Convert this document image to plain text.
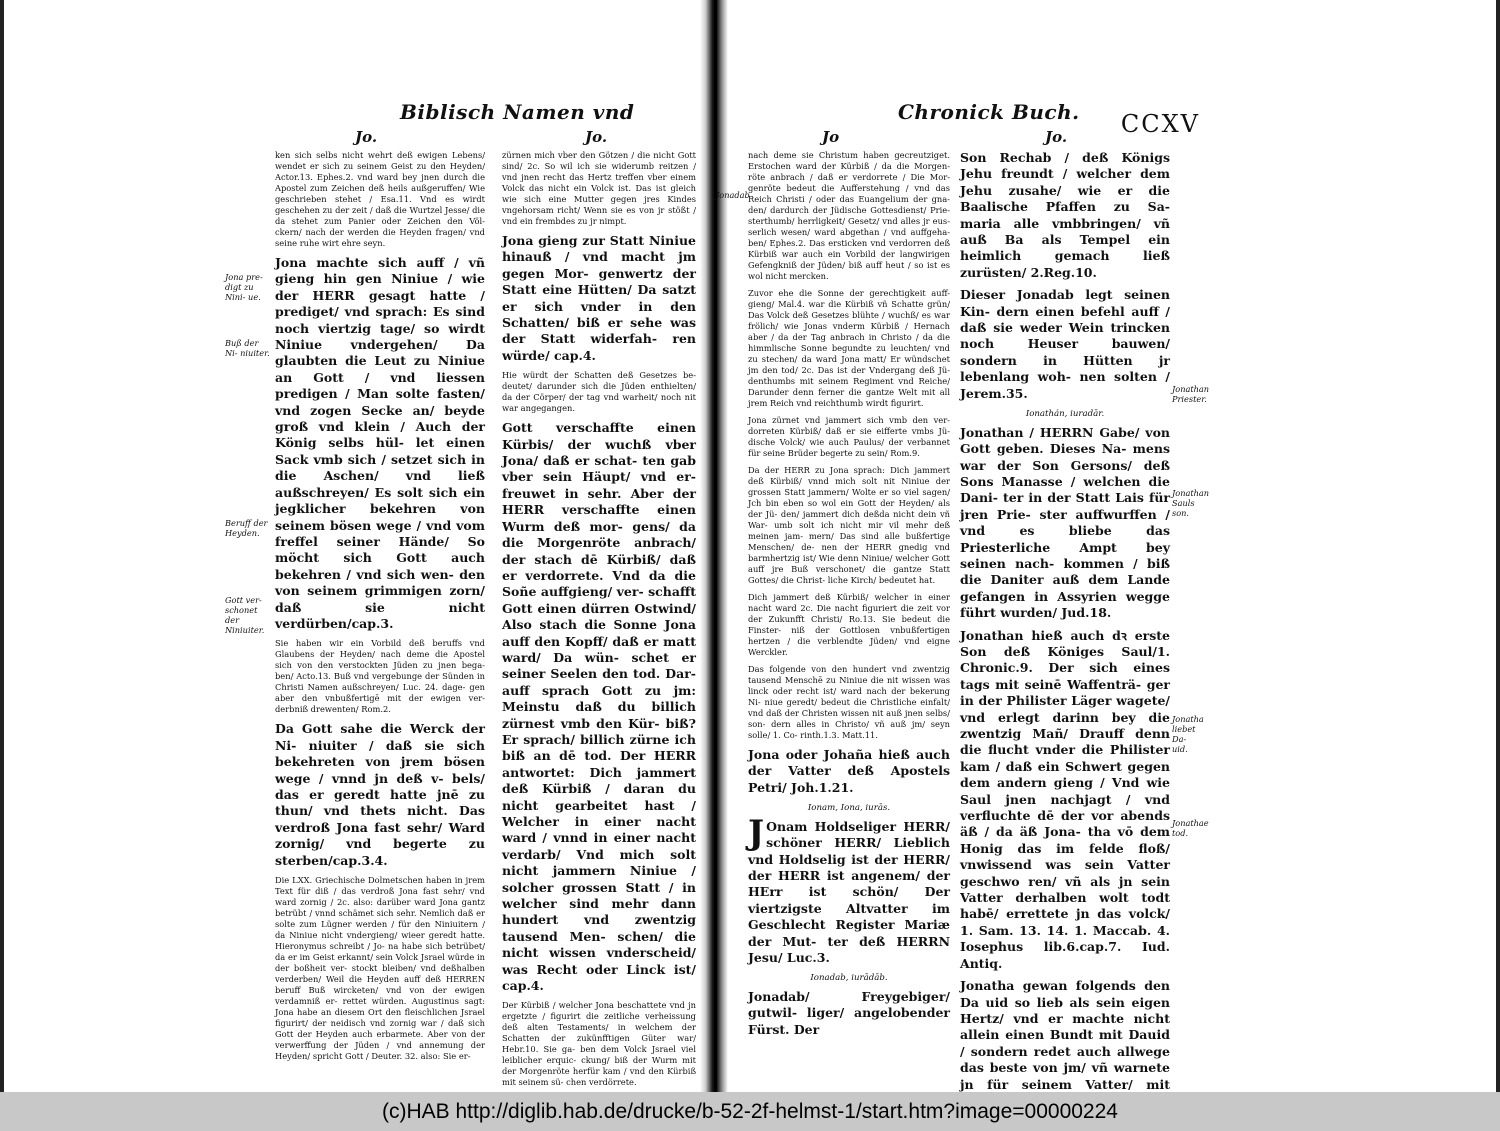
Biblisch Namen vnd
Jo.	Jo.
Jona pre- digt zu Nini- ue.
Buß der Ni- niuiter.
Beruff der Heyden.
Gott ver- schonet der Niniuiter.

ken sich selbs nicht wehrt deß ewigen Lebens/ wendet er sich zu seinem Geist zu den Heyden/ Actor.13. Ephes.2. vnd ward bey jnen durch die Apostel zum Zeichen deß heils außgeruffen/ Wie geschrieben stehet / Esa.11. Vnd es wirdt geschehen zu der zeit / daß die Wurtzel Jesse/ die da stehet zum Panier oder Zeichen den Völ- ckern/ nach der werden die Heyden fragen/ vnd seine ruhe wirt ehre seyn.

Jona machte sich auff / vñ gieng hin gen Niniue / wie der HERR gesagt hatte / prediget/ vnd sprach: Es sind noch viertzig tage/ so wirdt Niniue vndergehen/ Da glaubten die Leut zu Niniue an Gott / vnd liessen predigen / Man solte fasten/ vnd zogen Secke an/ beyde groß vnd klein / Auch der König selbs hül- let einen Sack vmb sich / setzet sich in die Aschen/ vnd ließ außschreyen/ Es solt sich ein jegklicher bekehren von seinem bösen wege / vnd vom freffel seiner Hände/ So möcht sich Gott auch bekehren / vnd sich wen- den von seinem grimmigen zorn/ daß sie nicht verdürben/cap.3.

Sie haben wir ein Vorbild deß beruffs vnd Glaubens der Heyden/ nach deme die Apostel sich von den verstockten Jüden zu jnen bega- ben/ Acto.13. Buß vnd vergebunge der Sünden in Christi Namen außschreyen/ Luc. 24. dage- gen aber den vnbußfertigē mit der ewigen ver- derbniß drewenten/ Rom.2.

Da Gott sahe die Werck der Ni- niuiter / daß sie sich bekehreten von jrem bösen wege / vnnd jn deß v- bels/ das er geredt hatte jnē zu thun/ vnd thets nicht. Das verdroß Jona fast sehr/ Ward zornig/ vnd begerte zu sterben/cap.3.4.

Die LXX. Griechische Dolmetschen haben in jrem Text für diß / das verdroß Jona fast sehr/ vnd ward zornig / 2c. also: darüber ward Jona gantz betrübt / vnnd schämet sich sehr. Nemlich daß er solte zum Lügner werden / für den Niniuitern / da Niniue nicht vndergieng/ wieer geredt hatte. Hieronymus schreibt / Jo- na habe sich betrübet/ da er im Geist erkannt/ sein Volck Jsrael würde in der boßheit ver- stockt bleiben/ vnd deßhalben verderben/ Weil die Heyden auff deß HERREN beruff Buß wircketen/ vnd von der ewigen verdamniß er- rettet würden. Augustinus sagt: Jona habe an diesem Ort den fleischlichen Jsrael figurirt/ der neidisch vnd zornig war / daß sich Gott der Heyden auch erbarmete. Aber von der verwerffung der Jüden / vnd annemung der Heyden/ spricht Gott / Deuter. 32. also: Sie er-

zürnen mich vber den Götzen / die nicht Gott sind/ 2c. So wil ich sie widerumb reitzen / vnd jnen recht das Hertz treffen vber einem Volck das nicht ein Volck ist. Das ist gleich wie sich eine Mutter gegen jres Kindes vngehorsam richt/ Wenn sie es von jr stößt / vnd ein frembdes zu jr nimpt.

Jona gieng zur Statt Niniue hinauß / vnd macht jm gegen Mor- genwertz der Statt eine Hütten/ Da satzt er sich vnder in den Schatten/ biß er sehe was der Statt widerfah- ren würde/ cap.4.

Hie würdt der Schatten deß Gesetzes be- deutet/ darunder sich die Jüden enthielten/ da der Cörper/ der tag vnd warheit/ noch nit war angegangen.

Gott verschaffte einen Kürbis/ der wuchß vber Jona/ daß er schat- ten gab vber sein Häupt/ vnd er- freuwet in sehr. Aber der HERR verschaffte einen Wurm deß mor- gens/ da die Morgenröte anbrach/ der stach dē Kürbiß/ daß er verdorrete. Vnd da die Soñe auffgieng/ ver- schafft Gott einen dürren Ostwind/ Also stach die Sonne Jona auff den Kopff/ daß er matt ward/ Da wün- schet er seiner Seelen den tod. Dar- auff sprach Gott zu jm: Meinstu daß du billich zürnest vmb den Kür- biß? Er sprach/ billich zürne ich biß an dē tod. Der HERR antwortet: Dich jammert deß Kürbiß / daran du nicht gearbeitet hast / Welcher in einer nacht ward / vnnd in einer nacht verdarb/ Vnd mich solt nicht jammern Niniue / solcher grossen Statt / in welcher sind mehr dann hundert vnd zwentzig tausend Men- schen/ die nicht wissen vnderscheid/ was Recht oder Linck ist/ cap.4.

Der Kürbiß / welcher Jona beschattete vnd jn ergetzte / figurirt die zeitliche verheissung deß alten Testaments/ in welchem der Schatten der zukünfftigen Güter war/ Hebr.10. Sie ga- ben dem Volck Jsrael viel leiblicher erquic- ckung/ biß der Wurm mit der Morgenröte herfür kam / vnd den Kürbiß mit seinem sü- chen verdörrete.

Chronick Buch. CCXV
Jo	Jo.

nach deme sie Christum haben gecreutziget. Erstochen ward der Kürbiß / da die Morgen- röte anbrach / daß er verdorrete / Die Mor- genröte bedeut die Aufferstehung / vnd das Reich Christi / oder das Euangelium der gna- den/ dardurch der Jüdische Gottesdienst/ Prie- sterthumb/ herrligkeit/ Gesetz/ vnd alles jr eus- serlich wesen/ ward abgethan / vnd auffgeha- ben/ Ephes.2. Das ersticken vnd verdorren deß Kürbiß war auch ein Vorbild der langwirigen Gefengkniß der Jüden/ biß auff heut / so ist es wol nicht mercken.

Zuvor ehe die Sonne der gerechtigkeit auff- gieng/ Mal.4. war die Kürbiß vñ Schatte grün/ Das Volck deß Gesetzes blühte / wuchß/ es war frölich/ wie Jonas vnderm Kürbiß / Hernach aber / da der Tag anbrach in Christo / da die himmlische Sonne begundte zu leuchten/ vnd zu stechen/ da ward Jona matt/ Er wündschet jm den tod/ 2c. Das ist der Vndergang deß Jü- denthumbs mit seinem Regiment vnd Reiche/ Darunder denn ferner die gantze Welt mit all jrem Reich vnd reichthumb wirdt figurirt.

Jona zürnet vnd jammert sich vmb den ver- dorreten Kürbiß/ daß er sie eifferte vmbs Jü- dische Volck/ wie auch Paulus/ der verbannet für seine Brüder begerte zu sein/ Rom.9.

Da der HERR zu Jona sprach: Dich jammert deß Kürbiß/ vnnd mich solt nit Niniue der grossen Statt jammern/ Wolte er so viel sagen/ Jch bin eben so wol ein Gott der Heyden/ als der Jü- den/ jammert dich deßda nicht dein vñ War- umb solt ich nicht mir vil mehr deß meinen jam- mern/ Das sind alle bußfertige Menschen/ de- nen der HERR gnedig vnd barmhertzig ist/ Wie denn Niniue/ welcher Gott auff jre Buß verschonet/ die gantze Statt Gottes/ die Christ- liche Kirch/ bedeutet hat.

Dich jammert deß Kürbiß/ welcher in einer nacht ward 2c. Die nacht figuriert die zeit vor der Zukunfft Christi/ Ro.13. Sie bedeut die Finster- niß der Gottlosen vnbußfertigen hertzen / die verblendte Jüden/ vnd eigne Werckler.

Das folgende von den hundert vnd zwentzig tausend Menschē zu Niniue die nit wissen was linck oder recht ist/ ward nach der bekerung Ni- niue geredt/ bedeut die Christliche einfalt/ vnd daß der Christen wissen nit auß jnen selbs/ son- dern alles in Christo/ vñ auß jm/ seyn solle/ 1. Co- rinth.1.3. Matt.11.

Jona oder Johaña hieß auch der Vatter deß Apostels Petri/ Joh.1.21.

Ionam, Iona, iurās.

J Onam Holdseliger HERR/ schöner HERR/ Lieblich vnd Holdselig ist der HERR/ der HERR ist angenem/ der HErr ist schön/ Der viertzigste Altvatter im Geschlecht Register Mariæ der Mut- ter deß HERRN Jesu/ Luc.3.

Ionadab, iurādāb.

Jonadab/ Freygebiger/ gutwil- liger/ angelobender Fürst. Der

Son Rechab / deß Königs Jehu freundt / welcher dem Jehu zusahe/ wie er die Baalische Pfaffen zu Sa- maria alle vmbbringen/ vñ auß Ba als Tempel ein heimlich gemach ließ zurüsten/ 2.Reg.10.

Dieser Jonadab legt seinen Kin- dern einen befehl auff / daß sie weder Wein trincken noch Heuser bauwen/ sondern in Hütten jr lebenlang woh- nen solten / Jerem.35.

Ionathán, iuradār.

Jonathan / HERRN Gabe/ von Gott geben. Dieses Na- mens war der Son Gersons/ deß Sons Manasse / welchen die Dani- ter in der Statt Lais für jren Prie- ster auffwurffen / vnd es bliebe das Priesterliche Ampt bey seinen nach- kommen / biß die Daniter auß dem Lande gefangen in Assyrien wegge führt wurden/ Jud.18.

Jonathan hieß auch dꝛ erste Son deß Königes Saul/1. Chronic.9. Der sich eines tags mit seinē Waffenträ- ger in der Philister Läger wagete/ vnd erlegt darinn bey die zwentzig Mañ/ Drauff denn die flucht vnder die Philister kam / daß ein Schwert gegen dem andern gieng / Vnd wie Saul jnen nachjagt / vnd verfluchte dē der vor abends äß / da äß Jona- tha vō dem Honig das im felde floß/ vnwissend was sein Vatter geschwo ren/ vñ als jn sein Vatter derhalben wolt todt habē/ errettete jn das volck/ 1. Sam. 13. 14. 1. Maccab. 4. Iosephus lib.6.cap.7. Iud. Antiq.

Jonatha gewan folgends den Da uid so lieb als sein eigen Hertz/ vnd er machte nicht allein einen Bundt mit Dauid / sondern redet auch allwege das beste von jm/ vñ warnete jn für seinem Vatter/ mit

Jonadab
Jonathan Priester.
Jonathan Sauls son.
Jonatha liebet Da- uid.
Jonathae tod.
(c)HAB http://diglib.hab.de/drucke/b-52-2f-helmst-1/start.htm?image=00000224
